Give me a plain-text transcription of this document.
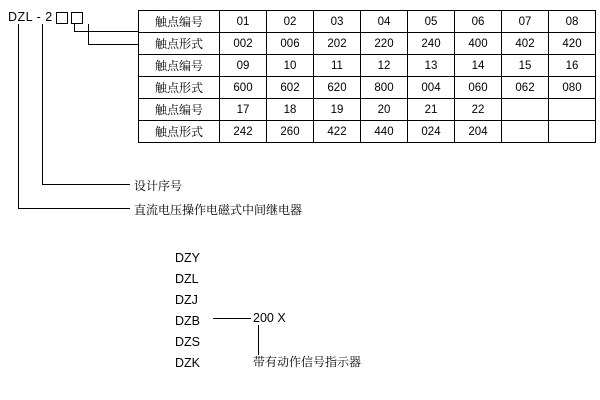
DZL - 2
设计序号
直流电压操作电磁式中间继电器
触点编号	01	02	03	04	05	06	07	08
触点形式	002	006	202	220	240	400	402	420
触点编号	09	10	11	12	13	14	15	16
触点形式	600	602	620	800	004	060	062	080
触点编号	17	18	19	20	21	22		
触点形式	242	260	422	440	024	204		
DZY
DZL
DZJ
DZB
DZS
DZK
200 X
带有动作信号指示器
